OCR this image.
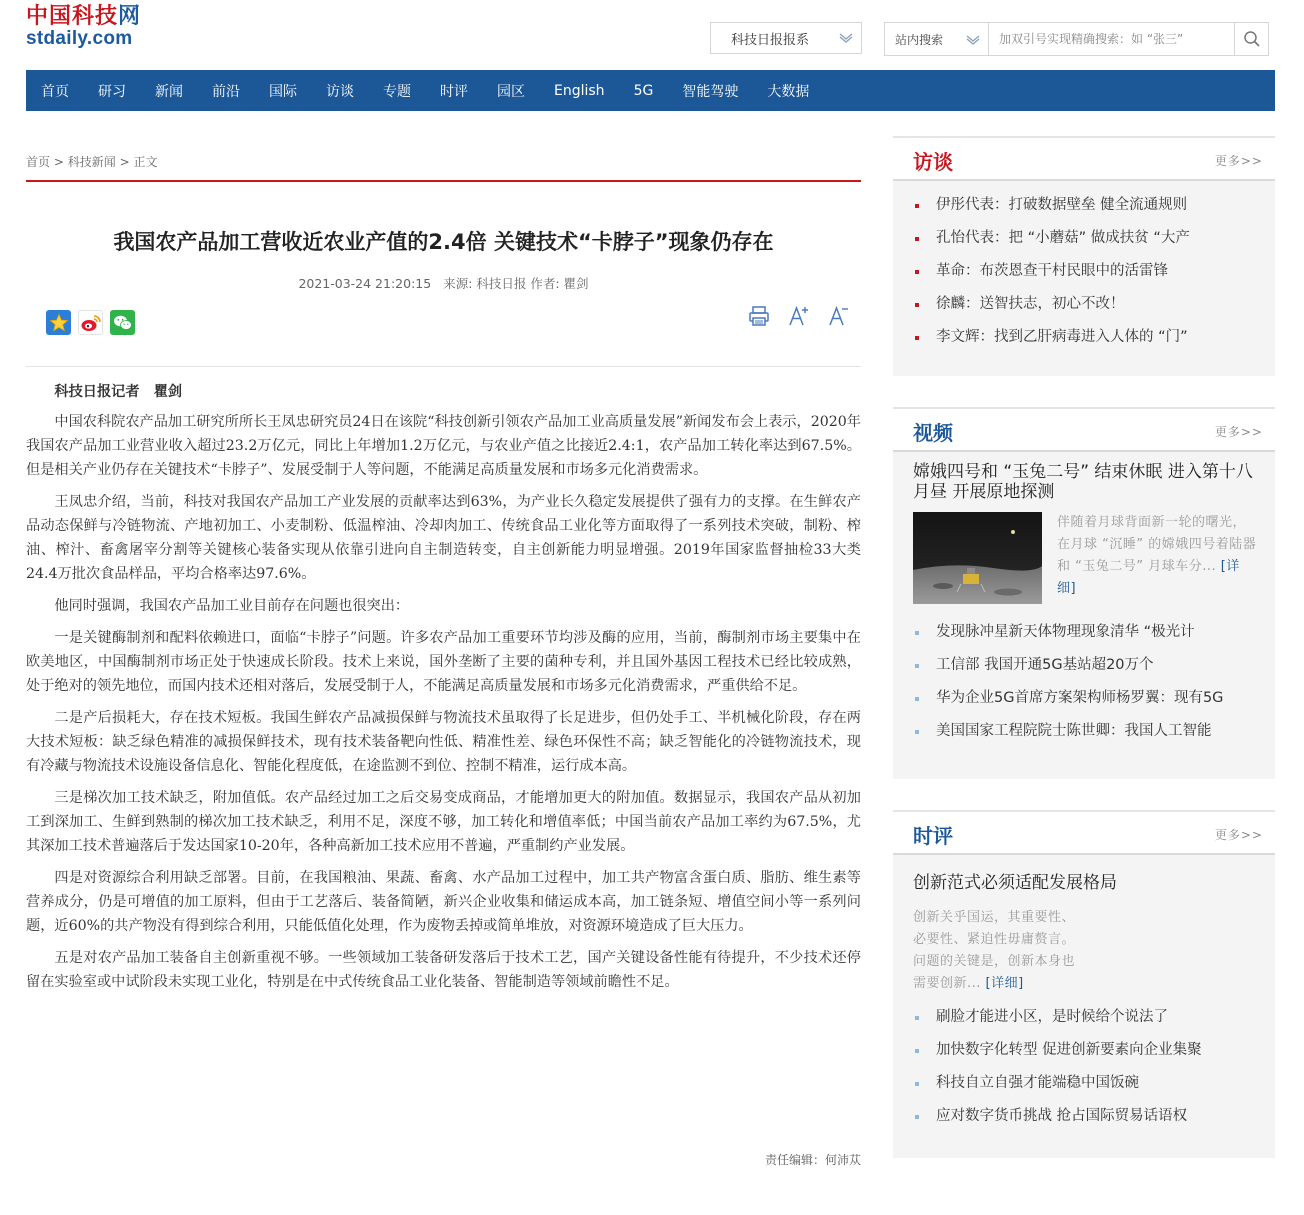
中国科技网
stdaily.com	科技日报报系	站内搜索
加双引号实现精确搜索：如 “张三”
首页 研习 新闻 前沿 国际 访谈 专题 时评 园区 English 5G 智能驾驶 大数据
首页 > 科技新闻 > 正文
我国农产品加工营收近农业产值的2.4倍 关键技术“卡脖子”现象仍存在
2021-03-24 21:20:15 来源: 科技日报 作者: 瞿剑

科技日报记者　瞿剑

中国农科院农产品加工研究所所长王凤忠研究员24日在该院“科技创新引领农产品加工业高质量发展”新闻发布会上表示，2020年我国农产品加工业营业收入超过23.2万亿元，同比上年增加1.2万亿元，与农业产值之比接近2.4:1，农产品加工转化率达到67.5%。但是相关产业仍存在关键技术“卡脖子”、发展受制于人等问题，不能满足高质量发展和市场多元化消费需求。

王凤忠介绍，当前，科技对我国农产品加工产业发展的贡献率达到63%，为产业长久稳定发展提供了强有力的支撑。在生鲜农产品动态保鲜与冷链物流、产地初加工、小麦制粉、低温榨油、冷却肉加工、传统食品工业化等方面取得了一系列技术突破，制粉、榨油、榨汁、畜禽屠宰分割等关键核心装备实现从依靠引进向自主制造转变，自主创新能力明显增强。2019年国家监督抽检33大类24.4万批次食品样品，平均合格率达97.6%。

他同时强调，我国农产品加工业目前存在问题也很突出：

一是关键酶制剂和配料依赖进口，面临“卡脖子”问题。许多农产品加工重要环节均涉及酶的应用，当前，酶制剂市场主要集中在欧美地区，中国酶制剂市场正处于快速成长阶段。技术上来说，国外垄断了主要的菌种专利，并且国外基因工程技术已经比较成熟，处于绝对的领先地位，而国内技术还相对落后，发展受制于人，不能满足高质量发展和市场多元化消费需求，严重供给不足。

二是产后损耗大，存在技术短板。我国生鲜农产品减损保鲜与物流技术虽取得了长足进步，但仍处手工、半机械化阶段，存在两大技术短板：缺乏绿色精准的减损保鲜技术，现有技术装备靶向性低、精准性差、绿色环保性不高；缺乏智能化的冷链物流技术，现有冷藏与物流技术设施设备信息化、智能化程度低，在途监测不到位、控制不精准，运行成本高。

三是梯次加工技术缺乏，附加值低。农产品经过加工之后交易变成商品，才能增加更大的附加值。数据显示，我国农产品从初加工到深加工、生鲜到熟制的梯次加工技术缺乏，利用不足，深度不够，加工转化和增值率低；中国当前农产品加工率约为67.5%，尤其深加工技术普遍落后于发达国家10-20年，各种高新加工技术应用不普遍，严重制约产业发展。

四是对资源综合利用缺乏部署。目前，在我国粮油、果蔬、畜禽、水产品加工过程中，加工共产物富含蛋白质、脂肪、维生素等营养成分，仍是可增值的加工原料，但由于工艺落后、装备简陋，新兴企业收集和储运成本高，加工链条短、增值空间小等一系列问题，近60%的共产物没有得到综合利用，只能低值化处理，作为废物丢掉或简单堆放，对资源环境造成了巨大压力。

五是对农产品加工装备自主创新重视不够。一些领域加工装备研发落后于技术工艺，国产关键设备性能有待提升，不少技术还停留在实验室或中试阶段未实现工业化，特别是在中式传统食品工业化装备、智能制造等领域前瞻性不足。

责任编辑：何沛苁
访谈	更多>>
伊彤代表：打破数据壁垒 健全流通规则
孔怡代表：把 “小蘑菇” 做成扶贫 “大产
革命：布茨恩查干村民眼中的活雷锋
徐麟：送智扶志，初心不改！
李文辉：找到乙肝病毒进入人体的 “门”
视频	更多>>
嫦娥四号和 “玉兔二号” 结束休眠 进入第十八月昼 开展原地探测
伴随着月球背面新一轮的曙光，在月球 “沉睡” 的嫦娥四号着陆器和 “玉兔二号” 月球车分... [详细]
发现脉冲星新天体物理现象清华 “极光计
工信部 我国开通5G基站超20万个
华为企业5G首席方案架构师杨罗翼：现有5G
美国国家工程院院士陈世卿：我国人工智能
时评	更多>>
创新范式必须适配发展格局
创新关乎国运，其重要性、
必要性、紧迫性毋庸赘言。
问题的关键是，创新本身也
需要创新... [详细]
刷脸才能进小区，是时候给个说法了
加快数字化转型 促进创新要素向企业集聚
科技自立自强才能端稳中国饭碗
应对数字货币挑战 抢占国际贸易话语权
